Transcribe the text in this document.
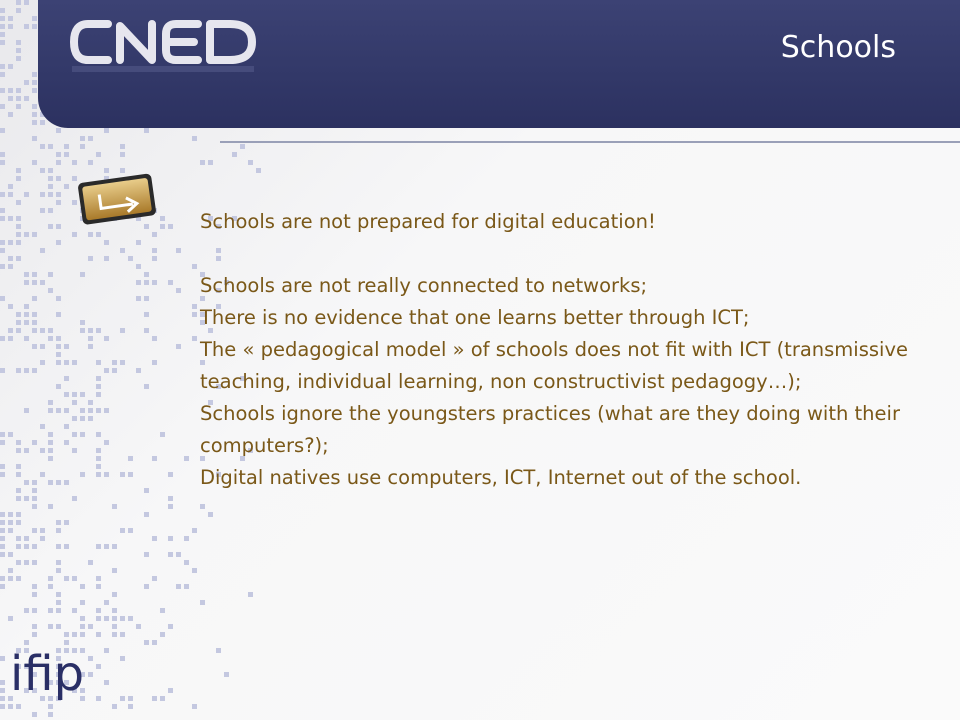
Schools

Schools are not prepared for digital education!

Schools are not really connected to networks;

There is no evidence that one learns better through ICT;

The « pedagogical model » of schools does not fit with ICT (transmissive teaching, individual learning, non constructivist pedagogy…);

Schools ignore the youngsters practices (what are they doing with their computers?);

Digital natives use computers, ICT, Internet out of the school.

ifip
